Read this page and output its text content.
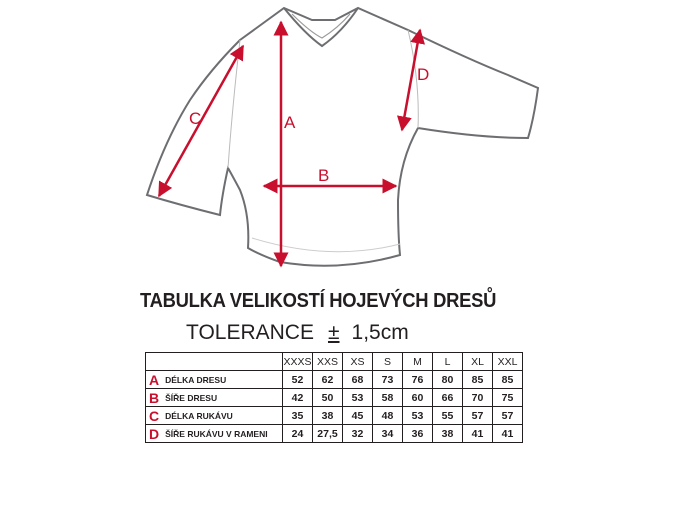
A
B
C
D
TABULKA VELIKOSTÍ HOJEVÝCH DRESŮ
TOLERANCE ± 1,5cm
	XXXS	XXS	XS	S	M	L	XL	XXL
A DÉLKA DRESU	52	62	68	73	76	80	85	85
B ŠÍŘE DRESU	42	50	53	58	60	66	70	75
C DÉLKA RUKÁVU	35	38	45	48	53	55	57	57
D ŠÍŘE RUKÁVU V RAMENI	24	27,5	32	34	36	38	41	41
